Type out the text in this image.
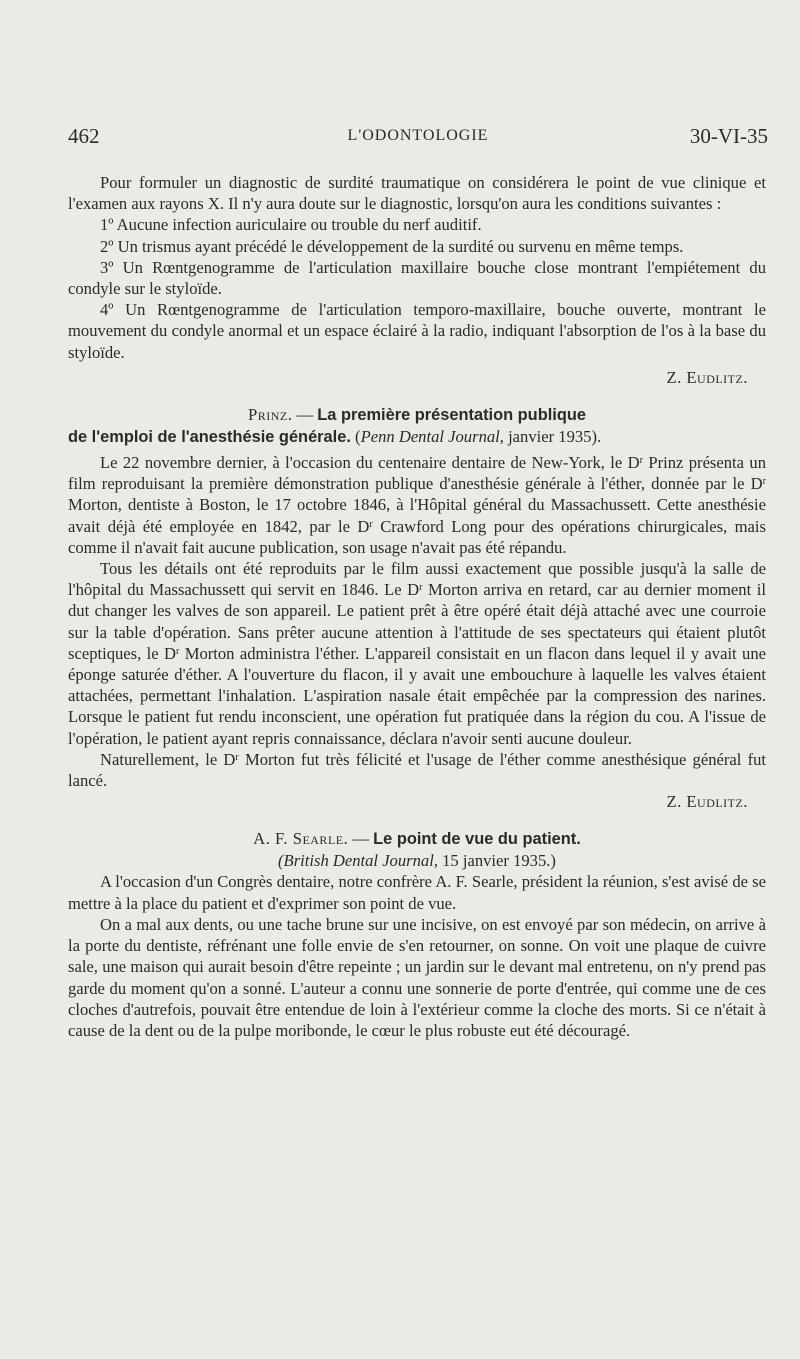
462	L'ODONTOLOGIE	30-VI-35

Pour formuler un diagnostic de surdité traumatique on considérera le point de vue clinique et l'examen aux rayons X. Il n'y aura doute sur le diagnostic, lorsqu'on aura les conditions suivantes :

1º Aucune infection auriculaire ou trouble du nerf auditif.

2º Un trismus ayant précédé le développement de la surdité ou survenu en même temps.

3º Un Rœntgenogramme de l'articulation maxillaire bouche close montrant l'empiétement du condyle sur le styloïde.

4º Un Rœntgenogramme de l'articulation temporo-maxillaire, bouche ouverte, montrant le mouvement du condyle anormal et un espace éclairé à la radio, indiquant l'absorption de l'os à la base du styloïde.

Z. Eudlitz.

Prinz. — La première présentation publique
de l'emploi de l'anesthésie générale. (Penn Dental Journal, janvier 1935).

Le 22 novembre dernier, à l'occasion du centenaire dentaire de New-York, le $D^r$ Prinz présenta un film reproduisant la première démonstration publique d'anesthésie générale à l'éther, donnée par le $D^r$ Morton, dentiste à Boston, le 17 octobre 1846, à l'Hôpital général du Massachussett. Cette anesthésie avait déjà été employée en 1842, par le $D^r$ Crawford Long pour des opérations chirurgicales, mais comme il n'avait fait aucune publication, son usage n'avait pas été répandu.

Tous les détails ont été reproduits par le film aussi exactement que possible jusqu'à la salle de l'hôpital du Massachussett qui servit en 1846. Le $D^r$ Morton arriva en retard, car au dernier moment il dut changer les valves de son appareil. Le patient prêt à être opéré était déjà attaché avec une courroie sur la table d'opération. Sans prêter aucune attention à l'attitude de ses spectateurs qui étaient plutôt sceptiques, le $D^r$ Morton administra l'éther. L'appareil consistait en un flacon dans lequel il y avait une éponge saturée d'éther. A l'ouverture du flacon, il y avait une embouchure à laquelle les valves étaient attachées, permettant l'inhalation. L'aspiration nasale était empêchée par la compression des narines. Lorsque le patient fut rendu inconscient, une opération fut pratiquée dans la région du cou. A l'issue de l'opération, le patient ayant repris connaissance, déclara n'avoir senti aucune douleur.

Naturellement, le $D^r$ Morton fut très félicité et l'usage de l'éther comme anesthésique général fut lancé.

Z. Eudlitz.

A. F. Searle. — Le point de vue du patient.
(British Dental Journal, 15 janvier 1935.)

A l'occasion d'un Congrès dentaire, notre confrère A. F. Searle, président la réunion, s'est avisé de se mettre à la place du patient et d'exprimer son point de vue.

On a mal aux dents, ou une tache brune sur une incisive, on est envoyé par son médecin, on arrive à la porte du dentiste, réfrénant une folle envie de s'en retourner, on sonne. On voit une plaque de cuivre sale, une maison qui aurait besoin d'être repeinte ; un jardin sur le devant mal entretenu, on n'y prend pas garde du moment qu'on a sonné. L'auteur a connu une sonnerie de porte d'entrée, qui comme une de ces cloches d'autrefois, pouvait être entendue de loin à l'extérieur comme la cloche des morts. Si ce n'était à cause de la dent ou de la pulpe moribonde, le cœur le plus robuste eut été découragé.
